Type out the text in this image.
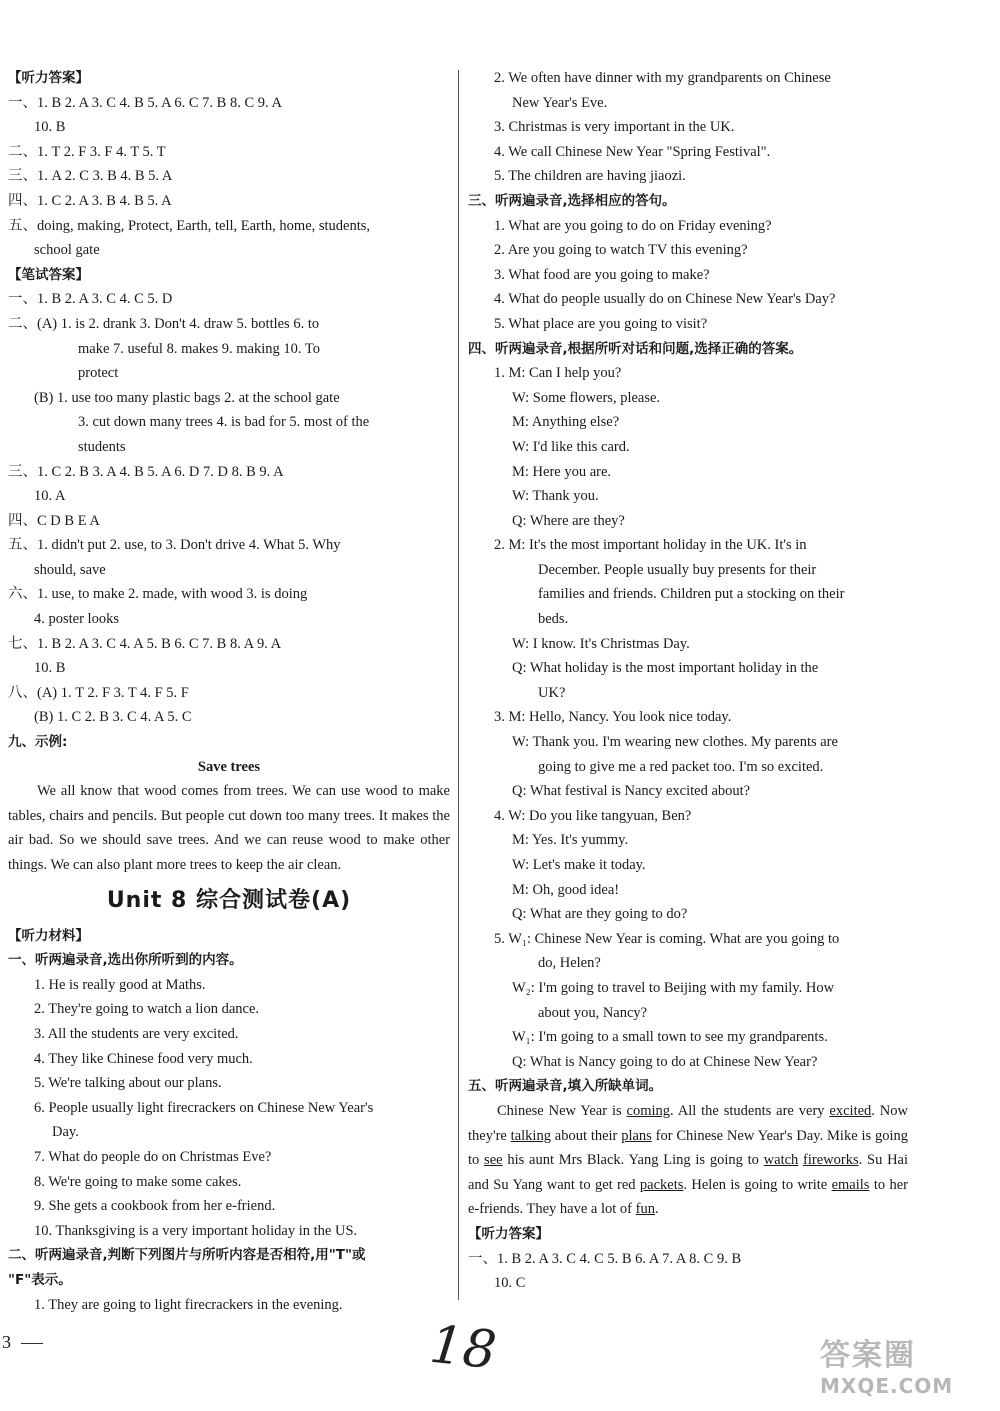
【听力答案】
一、1. B 2. A 3. C 4. B 5. A 6. C 7. B 8. C 9. A
10. B
二、1. T 2. F 3. F 4. T 5. T
三、1. A 2. C 3. B 4. B 5. A
四、1. C 2. A 3. B 4. B 5. A
五、doing, making, Protect, Earth, tell, Earth, home, students,
school gate
【笔试答案】
一、1. B 2. A 3. C 4. C 5. D
二、(A) 1. is 2. drank 3. Don't 4. draw 5. bottles 6. to
make 7. useful 8. makes 9. making 10. To
protect
(B) 1. use too many plastic bags 2. at the school gate
3. cut down many trees 4. is bad for 5. most of the
students
三、1. C 2. B 3. A 4. B 5. A 6. D 7. D 8. B 9. A
10. A
四、C D B E A
五、1. didn't put 2. use, to 3. Don't drive 4. What 5. Why
should, save
六、1. use, to make 2. made, with wood 3. is doing
4. poster looks
七、1. B 2. A 3. C 4. A 5. B 6. C 7. B 8. A 9. A
10. B
八、(A) 1. T 2. F 3. T 4. F 5. F
(B) 1. C 2. B 3. C 4. A 5. C
九、示例:
Save trees
We all know that wood comes from trees. We can use wood to make tables, chairs and pencils. But people cut down too many trees. It makes the air bad. So we should save trees. And we can reuse wood to make other things. We can also plant more trees to keep the air clean.
Unit 8 综合测试卷(A)
【听力材料】
一、听两遍录音,选出你所听到的内容。
1. He is really good at Maths.
2. They're going to watch a lion dance.
3. All the students are very excited.
4. They like Chinese food very much.
5. We're talking about our plans.
6. People usually light firecrackers on Chinese New Year's
Day.
7. What do people do on Christmas Eve?
8. We're going to make some cakes.
9. She gets a cookbook from her e-friend.
10. Thanksgiving is a very important holiday in the US.
二、听两遍录音,判断下列图片与所听内容是否相符,用"T"或
"F"表示。
1. They are going to light firecrackers in the evening.
2. We often have dinner with my grandparents on Chinese
New Year's Eve.
3. Christmas is very important in the UK.
4. We call Chinese New Year "Spring Festival".
5. The children are having jiaozi.
三、听两遍录音,选择相应的答句。
1. What are you going to do on Friday evening?
2. Are you going to watch TV this evening?
3. What food are you going to make?
4. What do people usually do on Chinese New Year's Day?
5. What place are you going to visit?
四、听两遍录音,根据所听对话和问题,选择正确的答案。
1. M: Can I help you?
W: Some flowers, please.
M: Anything else?
W: I'd like this card.
M: Here you are.
W: Thank you.
Q: Where are they?
2. M: It's the most important holiday in the UK. It's in
December. People usually buy presents for their
families and friends. Children put a stocking on their
beds.
W: I know. It's Christmas Day.
Q: What holiday is the most important holiday in the
UK?
3. M: Hello, Nancy. You look nice today.
W: Thank you. I'm wearing new clothes. My parents are
going to give me a red packet too. I'm so excited.
Q: What festival is Nancy excited about?
4. W: Do you like tangyuan, Ben?
M: Yes. It's yummy.
W: Let's make it today.
M: Oh, good idea!
Q: What are they going to do?
5. W₁: Chinese New Year is coming. What are you going to
do, Helen?
W₂: I'm going to travel to Beijing with my family. How
about you, Nancy?
W₁: I'm going to a small town to see my grandparents.
Q: What is Nancy going to do at Chinese New Year?
五、听两遍录音,填入所缺单词。
Chinese New Year is coming. All the students are very excited. Now they're talking about their plans for Chinese New Year's Day. Mike is going to see his aunt Mrs Black. Yang Ling is going to watch fireworks. Su Hai and Su Yang want to get red packets. Helen is going to write emails to her e-friends. They have a lot of fun.
【听力答案】
一、1. B 2. A 3. C 4. C 5. B 6. A 7. A 8. C 9. B
10. C
3	18	答案圈
MXQE.COM
